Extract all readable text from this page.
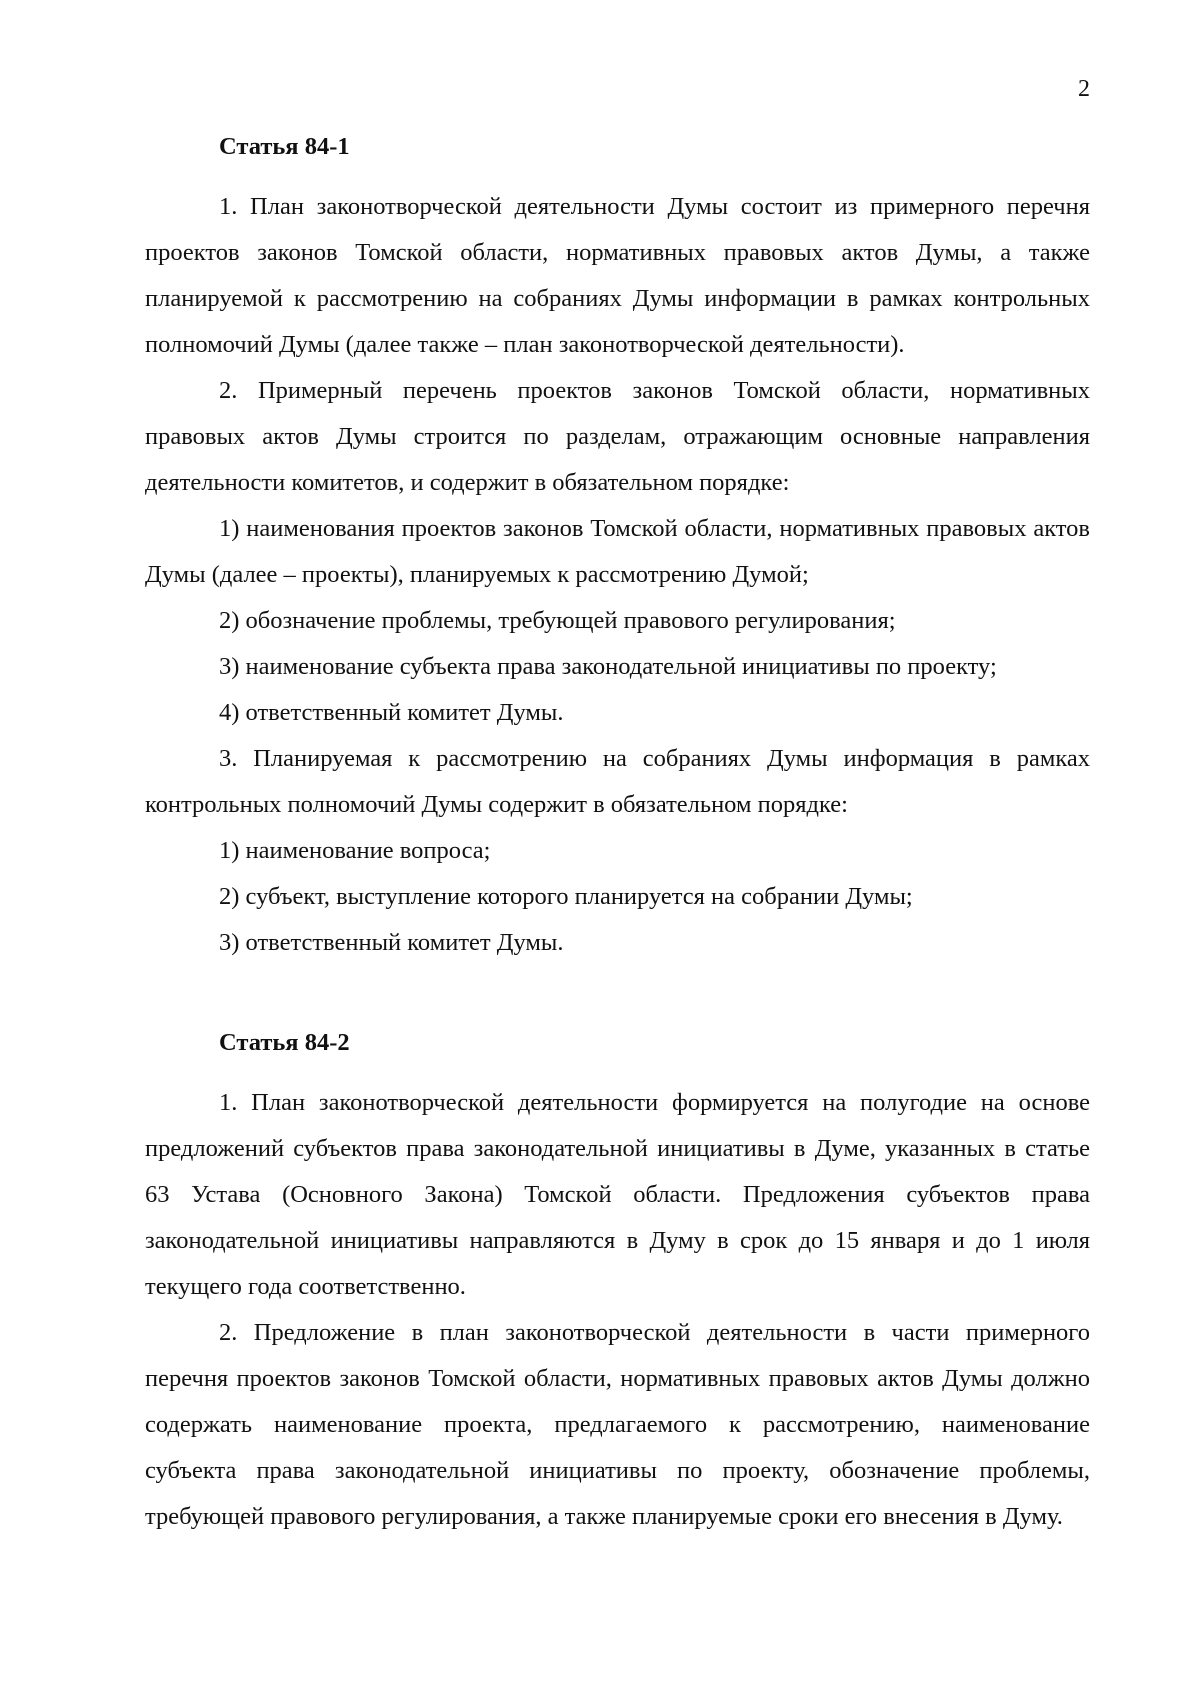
2
Статья 84-1

1. План законотворческой деятельности Думы состоит из примерного перечня проектов законов Томской области, нормативных правовых актов Думы, а также планируемой к рассмотрению на собраниях Думы информации в рамках контрольных полномочий Думы (далее также – план законотворческой деятельности).

2. Примерный перечень проектов законов Томской области, нормативных правовых актов Думы строится по разделам, отражающим основные направления деятельности комитетов, и содержит в обязательном порядке:

1) наименования проектов законов Томской области, нормативных правовых актов Думы (далее – проекты), планируемых к рассмотрению Думой;

2) обозначение проблемы, требующей правового регулирования;

3) наименование субъекта права законодательной инициативы по проекту;

4) ответственный комитет Думы.

3. Планируемая к рассмотрению на собраниях Думы информация в рамках контрольных полномочий Думы содержит в обязательном порядке:

1) наименование вопроса;

2) субъект, выступление которого планируется на собрании Думы;

3) ответственный комитет Думы.

Статья 84-2

1. План законотворческой деятельности формируется на полугодие на основе предложений субъектов права законодательной инициативы в Думе, указанных в статье 63 Устава (Основного Закона) Томской области. Предложения субъектов права законодательной инициативы направляются в Думу в срок до 15 января и до 1 июля текущего года соответственно.

2. Предложение в план законотворческой деятельности в части примерного перечня проектов законов Томской области, нормативных правовых актов Думы должно содержать наименование проекта, предлагаемого к рассмотрению, наименование субъекта права законодательной инициативы по проекту, обозначение проблемы, требующей правового регулирования, а также планируемые сроки его внесения в Думу.
